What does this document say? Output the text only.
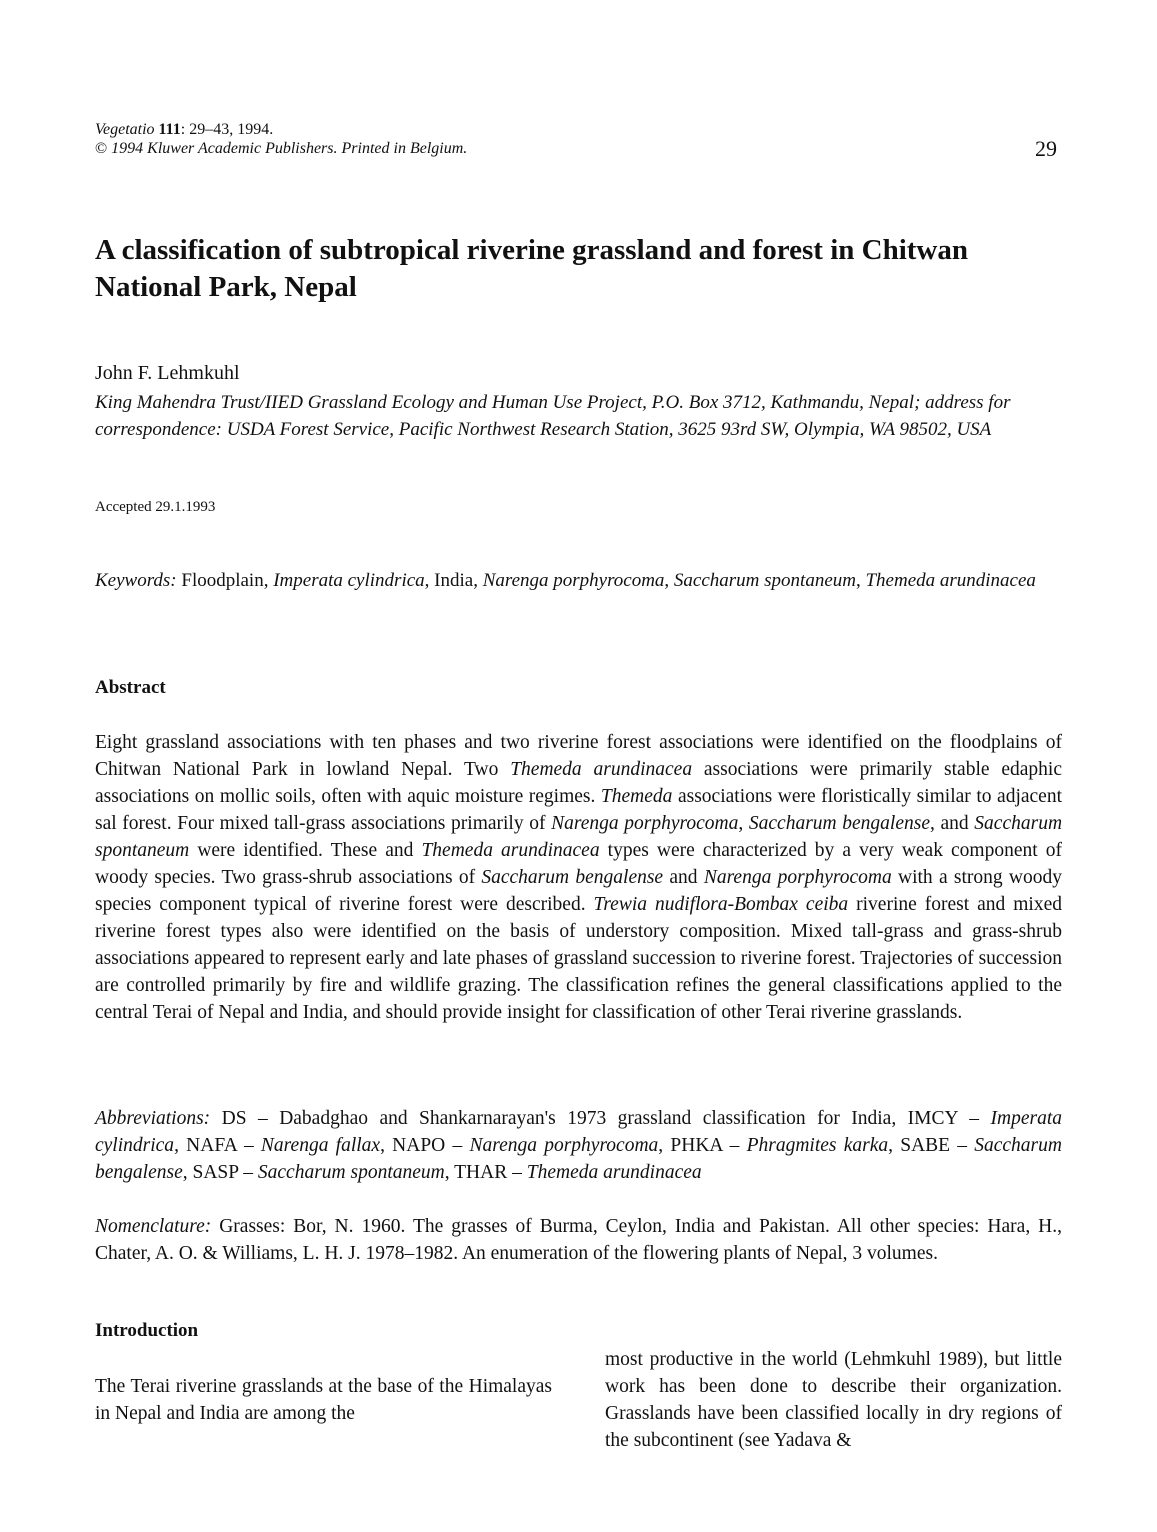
Vegetatio 111: 29–43, 1994.
© 1994 Kluwer Academic Publishers. Printed in Belgium.	29
A classification of subtropical riverine grassland and forest in Chitwan National Park, Nepal
John F. Lehmkuhl
King Mahendra Trust/IIED Grassland Ecology and Human Use Project, P.O. Box 3712, Kathmandu, Nepal; address for correspondence: USDA Forest Service, Pacific Northwest Research Station, 3625 93rd SW, Olympia, WA 98502, USA
Accepted 29.1.1993
Keywords: Floodplain, Imperata cylindrica, India, Narenga porphyrocoma, Saccharum spontaneum, Themeda arundinacea
Abstract
Eight grassland associations with ten phases and two riverine forest associations were identified on the floodplains of Chitwan National Park in lowland Nepal. Two Themeda arundinacea associations were primarily stable edaphic associations on mollic soils, often with aquic moisture regimes. Themeda associations were floristically similar to adjacent sal forest. Four mixed tall-grass associations primarily of Narenga porphyrocoma, Saccharum bengalense, and Saccharum spontaneum were identified. These and Themeda arundinacea types were characterized by a very weak component of woody species. Two grass-shrub associations of Saccharum bengalense and Narenga porphyrocoma with a strong woody species component typical of riverine forest were described. Trewia nudiflora-Bombax ceiba riverine forest and mixed riverine forest types also were identified on the basis of understory composition. Mixed tall-grass and grass-shrub associations appeared to represent early and late phases of grassland succession to riverine forest. Trajectories of succession are controlled primarily by fire and wildlife grazing. The classification refines the general classifications applied to the central Terai of Nepal and India, and should provide insight for classification of other Terai riverine grasslands.
Abbreviations: DS – Dabadghao and Shankarnarayan's 1973 grassland classification for India, IMCY – Imperata cylindrica, NAFA – Narenga fallax, NAPO – Narenga porphyrocoma, PHKA – Phragmites karka, SABE – Saccharum bengalense, SASP – Saccharum spontaneum, THAR – Themeda arundinacea
Nomenclature: Grasses: Bor, N. 1960. The grasses of Burma, Ceylon, India and Pakistan. All other species: Hara, H., Chater, A. O. & Williams, L. H. J. 1978–1982. An enumeration of the flowering plants of Nepal, 3 volumes.
Introduction
The Terai riverine grasslands at the base of the Himalayas in Nepal and India are among the
most productive in the world (Lehmkuhl 1989), but little work has been done to describe their organization. Grasslands have been classified locally in dry regions of the subcontinent (see Yadava &
